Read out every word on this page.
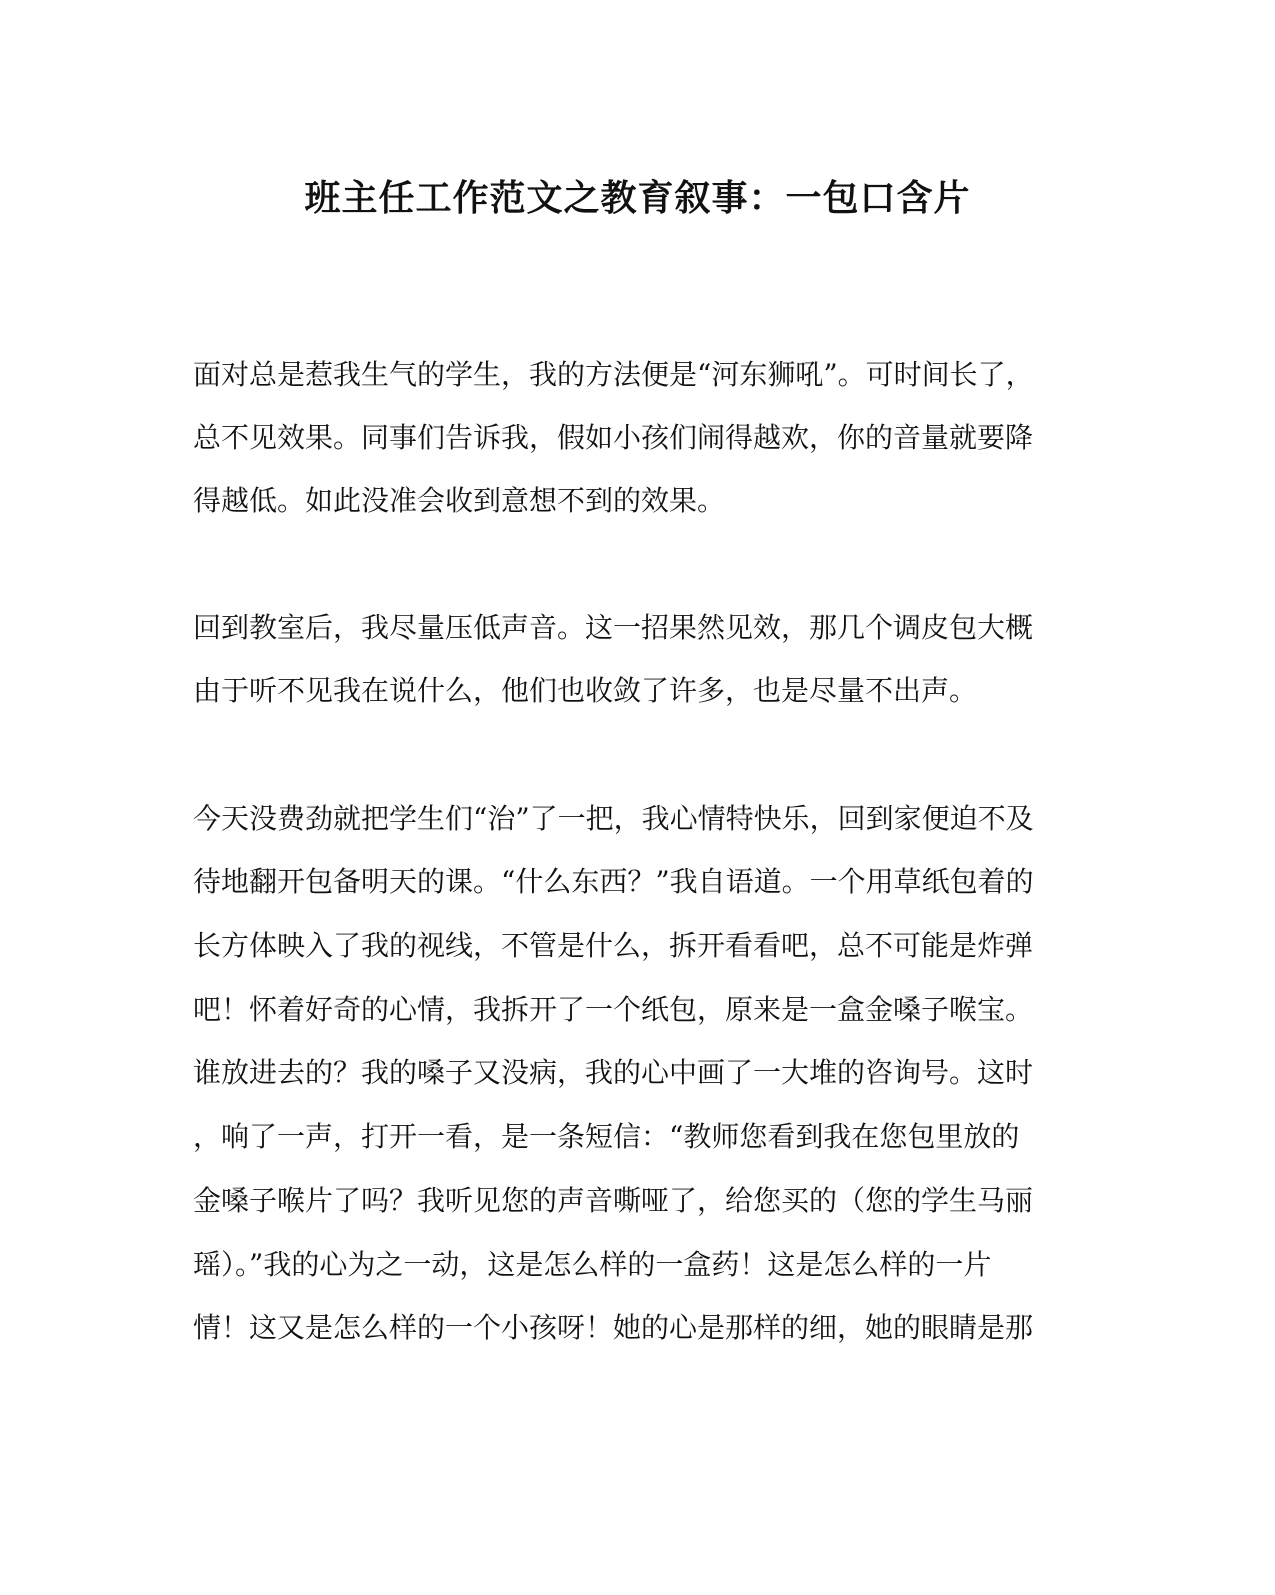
班主任工作范文之教育叙事：一包口含片
面对总是惹我生气的学生，我的方法便是“河东狮吼”。可时间长了，
总不见效果。同事们告诉我，假如小孩们闹得越欢，你的音量就要降
得越低。如此没准会收到意想不到的效果。
回到教室后，我尽量压低声音。这一招果然见效，那几个调皮包大概
由于听不见我在说什么，他们也收敛了许多，也是尽量不出声。
今天没费劲就把学生们“治”了一把，我心情特快乐，回到家便迫不及
待地翻开包备明天的课。“什么东西？”我自语道。一个用草纸包着的
长方体映入了我的视线，不管是什么，拆开看看吧，总不可能是炸弹
吧！怀着好奇的心情，我拆开了一个纸包，原来是一盒金嗓子喉宝。
谁放进去的？我的嗓子又没病，我的心中画了一大堆的咨询号。这时
，响了一声，打开一看，是一条短信：“教师您看到我在您包里放的
金嗓子喉片了吗？我听见您的声音嘶哑了，给您买的（您的学生马丽
瑶）。”我的心为之一动，这是怎么样的一盒药！这是怎么样的一片
情！这又是怎么样的一个小孩呀！她的心是那样的细，她的眼睛是那
